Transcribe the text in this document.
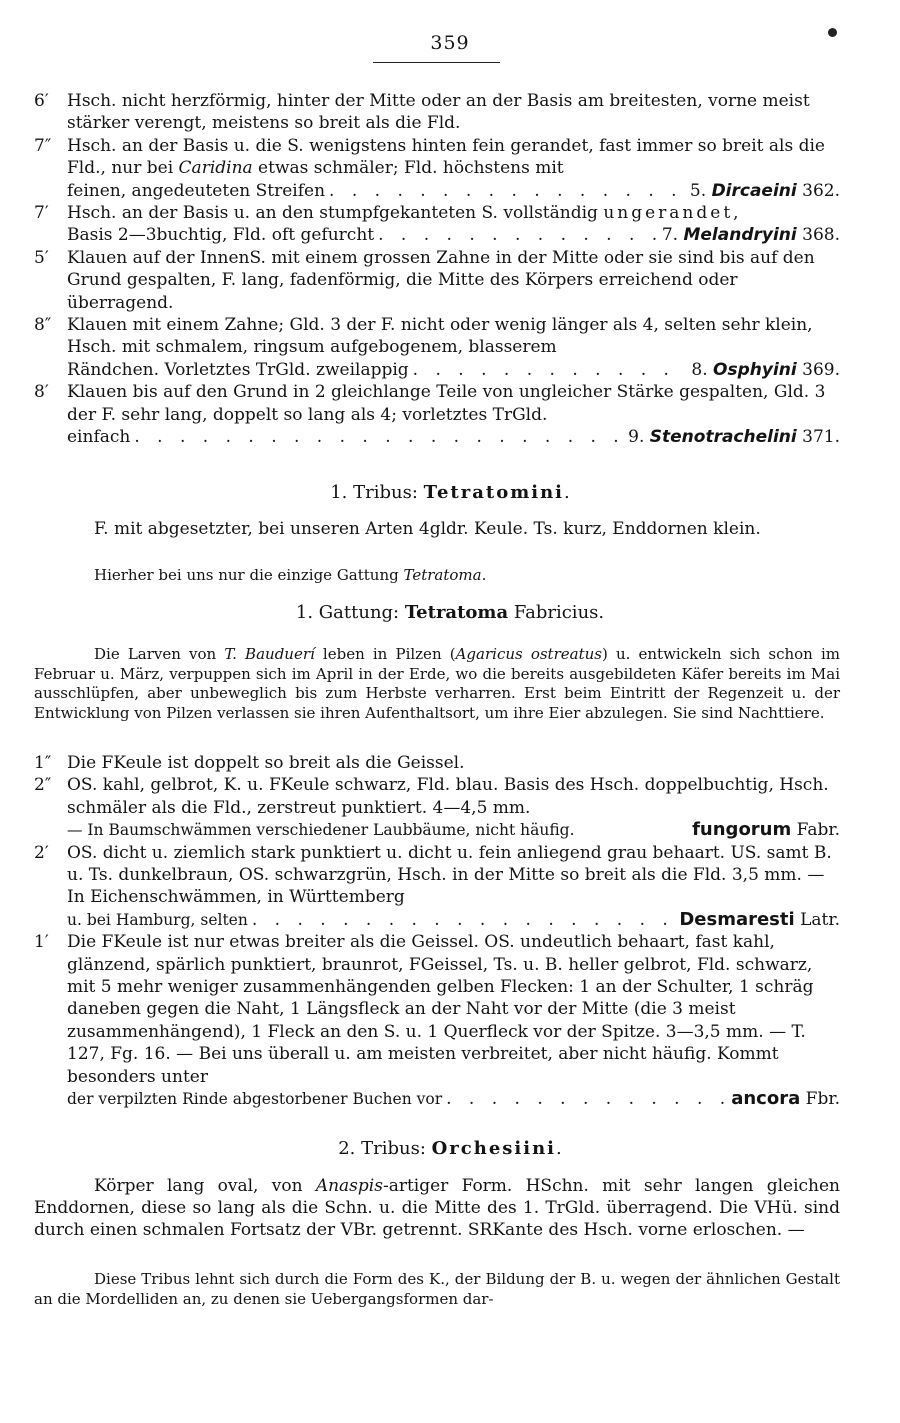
359
6′ Hsch. nicht herzförmig, hinter der Mitte oder an der Basis am breitesten, vorne meist stärker verengt, meistens so breit als die Fld.
7″ Hsch. an der Basis u. die S. wenigstens hinten fein gerandet, fast immer so breit als die Fld., nur bei Caridina etwas schmäler; Fld. höchstens mit
feinen, angedeuteten Streifen . . .	5. Dircaeini 362.
7′ Hsch. an der Basis u. an den stumpfgekanteten S. vollständig ungerandet,
Basis 2—3buchtig, Fld. oft gefurcht . . .	7. Melandryini 368.
5′ Klauen auf der InnenS. mit einem grossen Zahne in der Mitte oder sie sind bis auf den Grund gespalten, F. lang, fadenförmig, die Mitte des Körpers erreichend oder überragend.
8″ Klauen mit einem Zahne; Gld. 3 der F. nicht oder wenig länger als 4, selten sehr klein, Hsch. mit schmalem, ringsum aufgebogenem, blasserem
Rändchen. Vorletztes TrGld. zweilappig . . .	8. Osphyini 369.
8′ Klauen bis auf den Grund in 2 gleichlange Teile von ungleicher Stärke gespalten, Gld. 3 der F. sehr lang, doppelt so lang als 4; vorletztes TrGld.
einfach . . .	9. Stenotrachelini 371.
1. Tribus: Tetratomini.
F. mit abgesetzter, bei unseren Arten 4gldr. Keule. Ts. kurz, Enddornen klein.
Hierher bei uns nur die einzige Gattung Tetratoma.
1. Gattung: Tetratoma Fabricius.
Die Larven von T. Bauduerí leben in Pilzen (Agaricus ostreatus) u. entwickeln sich schon im Februar u. März, verpuppen sich im April in der Erde, wo die bereits ausgebildeten Käfer bereits im Mai ausschlüpfen, aber unbeweglich bis zum Herbste verharren. Erst beim Eintritt der Regenzeit u. der Entwicklung von Pilzen verlassen sie ihren Aufenthaltsort, um ihre Eier abzulegen. Sie sind Nachttiere.
1″ Die FKeule ist doppelt so breit als die Geissel.
2″ OS. kahl, gelbrot, K. u. FKeule schwarz, Fld. blau. Basis des Hsch. doppelbuchtig, Hsch. schmäler als die Fld., zerstreut punktiert. 4—4,5 mm.
— In Baumschwämmen verschiedener Laubbäume, nicht häufig.	fungorum Fabr.
2′ OS. dicht u. ziemlich stark punktiert u. dicht u. fein anliegend grau behaart. US. samt B. u. Ts. dunkelbraun, OS. schwarzgrün, Hsch. in der Mitte so breit als die Fld. 3,5 mm. — In Eichenschwämmen, in Württemberg
u. bei Hamburg, selten . . .	Desmaresti Latr.
1′ Die FKeule ist nur etwas breiter als die Geissel. OS. undeutlich behaart, fast kahl, glänzend, spärlich punktiert, braunrot, FGeissel, Ts. u. B. heller gelbrot, Fld. schwarz, mit 5 mehr weniger zusammenhängenden gelben Flecken: 1 an der Schulter, 1 schräg daneben gegen die Naht, 1 Längsfleck an der Naht vor der Mitte (die 3 meist zusammenhängend), 1 Fleck an den S. u. 1 Querfleck vor der Spitze. 3—3,5 mm. — T. 127, Fg. 16. — Bei uns überall u. am meisten verbreitet, aber nicht häufig. Kommt besonders unter
der verpilzten Rinde abgestorbener Buchen vor . . .	ancora Fbr.
2. Tribus: Orchesiini.
Körper lang oval, von Anaspis-artiger Form. HSchn. mit sehr langen gleichen Enddornen, diese so lang als die Schn. u. die Mitte des 1. TrGld. überragend. Die VHü. sind durch einen schmalen Fortsatz der VBr. getrennt. SRKante des Hsch. vorne erloschen. —
Diese Tribus lehnt sich durch die Form des K., der Bildung der B. u. wegen der ähnlichen Gestalt an die Mordelliden an, zu denen sie Uebergangsformen dar-
